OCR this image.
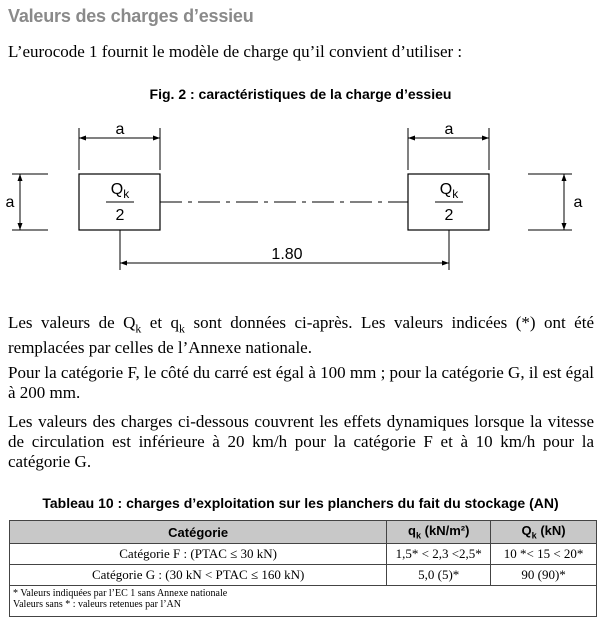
Valeurs des charges d’essieu
L’eurocode 1 fournit le modèle de charge qu’il convient d’utiliser :
Fig. 2 : caractéristiques de la charge d’essieu
a	a
a	a
$Q_k$
2
$Q_k$
2
1.80
Les valeurs de $Q_k$ et $q_k$ sont données ci-après. Les valeurs indicées (*) ont été remplacées par celles de l’Annexe nationale.
Pour la catégorie F, le côté du carré est égal à 100 mm ; pour la catégorie G, il est égal à 200 mm.
Les valeurs des charges ci-dessous couvrent les effets dynamiques lorsque la vitesse de circulation est inférieure à 20 km/h pour la catégorie F et à 10 km/h pour la catégorie G.
Tableau 10 : charges d’exploitation sur les planchers du fait du stockage (AN)
Catégorie	$q_k$ (kN/m²)	$Q_k$ (kN)
Catégorie F : (PTAC ≤ 30 kN)	1,5* < 2,3 <2,5*	10 *< 15 < 20*
Catégorie G : (30 kN < PTAC ≤ 160 kN)	5,0 (5)*	90 (90)*
* Valeurs indiquées par l’EC 1 sans Annexe nationale
Valeurs sans * : valeurs retenues par l’AN		
